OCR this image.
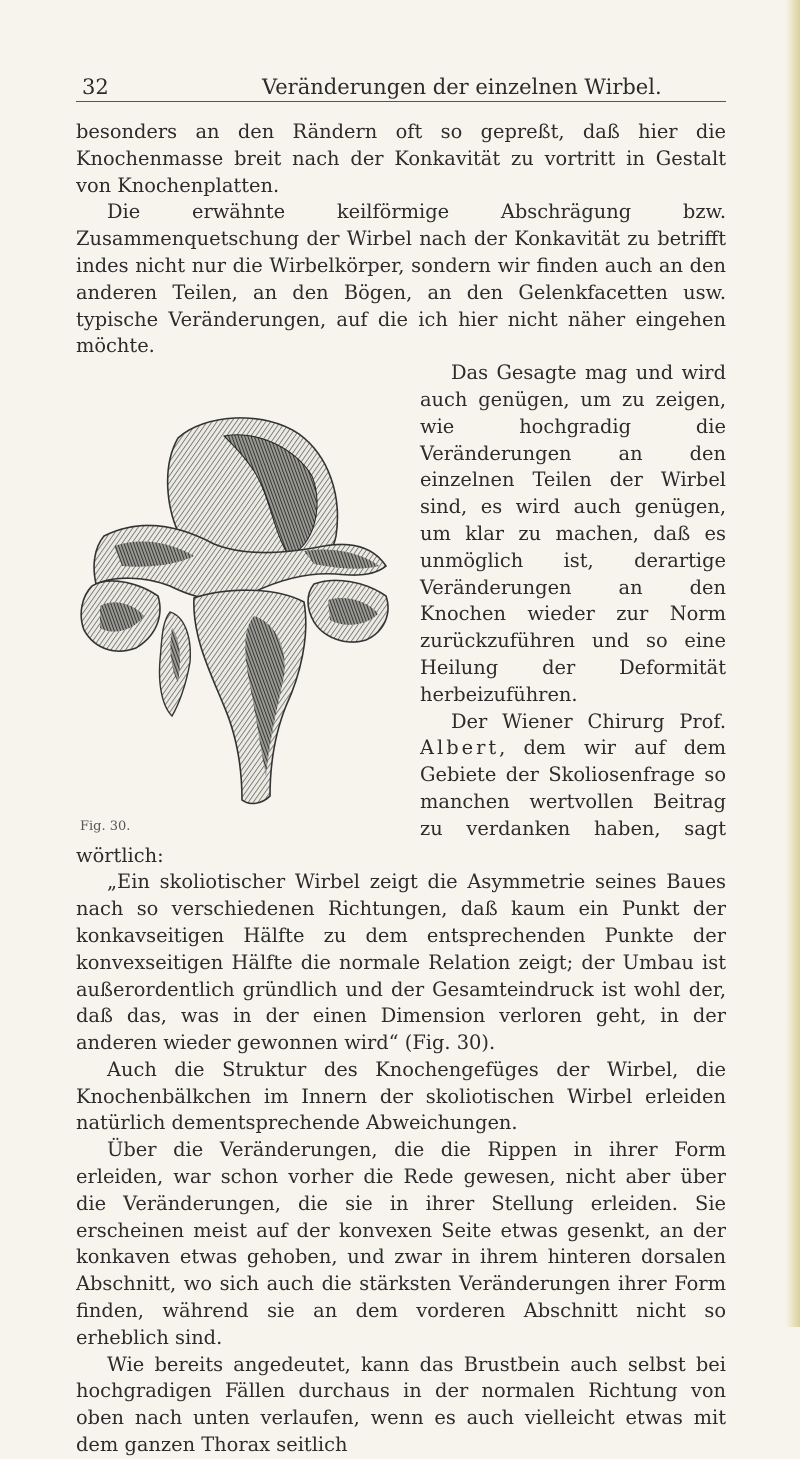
32	Veränderungen der einzelnen Wirbel.

besonders an den Rändern oft so gepreßt, daß hier die Knochenmasse breit nach der Konkavität zu vortritt in Gestalt von Knochenplatten.

Die erwähnte keilförmige Abschrägung bzw. Zusammenquetschung der Wirbel nach der Konkavität zu betrifft indes nicht nur die Wirbelkörper, sondern wir finden auch an den anderen Teilen, an den Bögen, an den Gelenkfacetten usw. typische Veränderungen, auf die ich hier nicht näher eingehen möchte.

Fig. 30.

Das Gesagte mag und wird auch genügen, um zu zeigen, wie hochgradig die Veränderungen an den einzelnen Teilen der Wirbel sind, es wird auch genügen, um klar zu machen, daß es unmöglich ist, derartige Veränderungen an den Knochen wieder zur Norm zurückzuführen und so eine Heilung der Deformität herbeizuführen.

Der Wiener Chirurg Prof. Albert, dem wir auf dem Gebiete der Skoliosenfrage so manchen wertvollen Beitrag zu verdanken haben, sagt wörtlich:

„Ein skoliotischer Wirbel zeigt die Asymmetrie seines Baues nach so verschiedenen Richtungen, daß kaum ein Punkt der konkavseitigen Hälfte zu dem entsprechenden Punkte der konvexseitigen Hälfte die normale Relation zeigt; der Umbau ist außerordentlich gründlich und der Gesamteindruck ist wohl der, daß das, was in der einen Dimension verloren geht, in der anderen wieder gewonnen wird“ (Fig. 30).

Auch die Struktur des Knochengefüges der Wirbel, die Knochenbälkchen im Innern der skoliotischen Wirbel erleiden natürlich dementsprechende Abweichungen.

Über die Veränderungen, die die Rippen in ihrer Form erleiden, war schon vorher die Rede gewesen, nicht aber über die Veränderungen, die sie in ihrer Stellung erleiden. Sie erscheinen meist auf der konvexen Seite etwas gesenkt, an der konkaven etwas gehoben, und zwar in ihrem hinteren dorsalen Abschnitt, wo sich auch die stärksten Veränderungen ihrer Form finden, während sie an dem vorderen Abschnitt nicht so erheblich sind.

Wie bereits angedeutet, kann das Brustbein auch selbst bei hochgradigen Fällen durchaus in der normalen Richtung von oben nach unten verlaufen, wenn es auch vielleicht etwas mit dem ganzen Thorax seitlich
